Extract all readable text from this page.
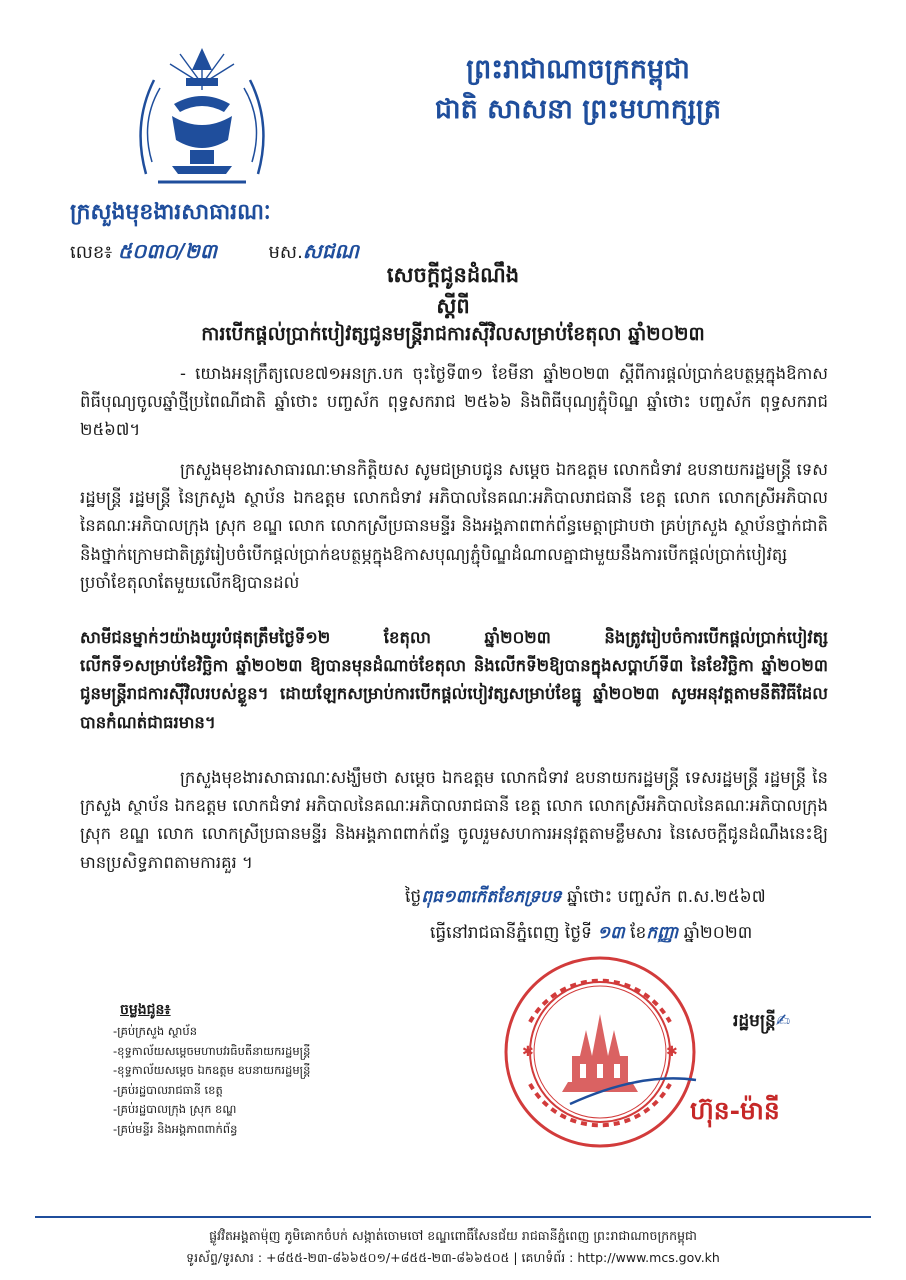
ព្រះរាជាណាចក្រកម្ពុជា
ជាតិ សាសនា ព្រះមហាក្សត្រ
ក្រសួងមុខងារសាធារណៈ
លេខ៖ ៥០៣០/២៣	មស.សជណ
សេចក្ដីជូនដំណឹង
ស្ដីពី
ការបើកផ្ដល់ប្រាក់បៀវត្សជូនមន្ត្រីរាជការស៊ីវិលសម្រាប់ខែតុលា ឆ្នាំ២០២៣
- យោងអនុក្រឹត្យលេខ៧១អនក្រ.បក ចុះថ្ងៃទី៣១ ខែមីនា ឆ្នាំ២០២៣ ស្ដីពីការផ្ដល់ប្រាក់ឧបត្ថម្ភក្នុងឱកាសពិធីបុណ្យចូលឆ្នាំថ្មីប្រពៃណីជាតិ ឆ្នាំថោះ បញ្ចស័ក ពុទ្ធសករាជ ២៥៦៦ និងពិធីបុណ្យភ្ជុំបិណ្ឌ ឆ្នាំថោះ បញ្ចស័ក ពុទ្ធសករាជ ២៥៦៧។
ក្រសួងមុខងារសាធារណៈមានកិត្តិយស សូមជម្រាបជូន សម្ដេច ឯកឧត្ដម លោកជំទាវ ឧបនាយករដ្ឋមន្ត្រី ទេសរដ្ឋមន្ត្រី រដ្ឋមន្ត្រី នៃក្រសួង ស្ថាប័ន ឯកឧត្ដម លោកជំទាវ អភិបាលនៃគណៈអភិបាលរាជធានី ខេត្ត លោក លោកស្រីអភិបាលនៃគណៈអភិបាលក្រុង ស្រុក ខណ្ឌ លោក លោកស្រីប្រធានមន្ទីរ និងអង្គភាពពាក់ព័ន្ធមេត្តាជ្រាបថា គ្រប់ក្រសួង ស្ថាប័នថ្នាក់ជាតិ និងថ្នាក់ក្រោមជាតិត្រូវរៀបចំបើកផ្ដល់ប្រាក់ឧបត្ថម្ភក្នុងឱកាសបុណ្យភ្ជុំបិណ្ឌដំណាលគ្នាជាមួយនឹងការបើកផ្ដល់ប្រាក់បៀវត្សប្រចាំខែតុលាតែមួយលើកឱ្យបានដល់
សាមីជនម្នាក់ៗយ៉ាងយូរបំផុតត្រឹមថ្ងៃទី១២ ខែតុលា ឆ្នាំ២០២៣ និងត្រូវរៀបចំការបើកផ្ដល់ប្រាក់បៀវត្សលើកទី១សម្រាប់ខែវិច្ឆិកា ឆ្នាំ២០២៣ ឱ្យបានមុនដំណាច់ខែតុលា និងលើកទី២ឱ្យបានក្នុងសប្ដាហ៍ទី៣ នៃខែវិច្ឆិកា ឆ្នាំ២០២៣ ជូនមន្ត្រីរាជការស៊ីវិលរបស់ខ្លួន។ ដោយឡែកសម្រាប់ការបើកផ្ដល់បៀវត្សសម្រាប់ខែធ្នូ ឆ្នាំ២០២៣ សូមអនុវត្តតាមនីតិវិធីដែលបានកំណត់ជាធរមាន។
ក្រសួងមុខងារសាធារណៈសង្ឃឹមថា សម្ដេច ឯកឧត្ដម លោកជំទាវ ឧបនាយករដ្ឋមន្ត្រី ទេសរដ្ឋមន្ត្រី រដ្ឋមន្ត្រី នៃក្រសួង ស្ថាប័ន ឯកឧត្ដម លោកជំទាវ អភិបាលនៃគណៈអភិបាលរាជធានី ខេត្ត លោក លោកស្រីអភិបាលនៃគណៈអភិបាលក្រុង ស្រុក ខណ្ឌ លោក លោកស្រីប្រធានមន្ទីរ និងអង្គភាពពាក់ព័ន្ធ ចូលរួមសហការអនុវត្តតាមខ្លឹមសារ នៃសេចក្ដីជូនដំណឹងនេះឱ្យមានប្រសិទ្ធភាពតាមការគួរ ។
ថ្ងៃពុធ១៣កើតខែភទ្របទ ឆ្នាំថោះ បញ្ចស័ក ព.ស.២៥៦៧
ធ្វើនៅរាជធានីភ្នំពេញ ថ្ងៃទី ១៣ ខែកញ្ញា ឆ្នាំ២០២៣
✱	✱
រដ្ឋមន្ត្រី✍
ហ៊ុន-ម៉ានី
ចម្លងជូន៖
-គ្រប់ក្រសួង ស្ថាប័ន
-ខុទ្ទកាល័យសម្ដេចមហាបវរធិបតីនាយករដ្ឋមន្ត្រី
-ខុទ្ទកាល័យសម្ដេច ឯកឧត្ដម ឧបនាយករដ្ឋមន្ត្រី
-គ្រប់រដ្ឋបាលរាជធានី ខេត្ត
-គ្រប់រដ្ឋបាលក្រុង ស្រុក ខណ្ឌ
-គ្រប់មន្ទីរ និងអង្គភាពពាក់ព័ន្ធ
ផ្លូវវិតអង្គតាម៉ុញ ភូមិគោកចំបក់ សង្កាត់ចោមចៅ ខណ្ឌពោធិ៍សែនជ័យ រាជធានីភ្នំពេញ ព្រះរាជាណាចក្រកម្ពុជា
ទូរស័ព្ទ/ទូរសារ : +៨៥៥-២៣-៨៦៦៥០១/+៨៥៥-២៣-៨៦៦៥០៥ | គេហទំព័រ : http://www.mcs.gov.kh
